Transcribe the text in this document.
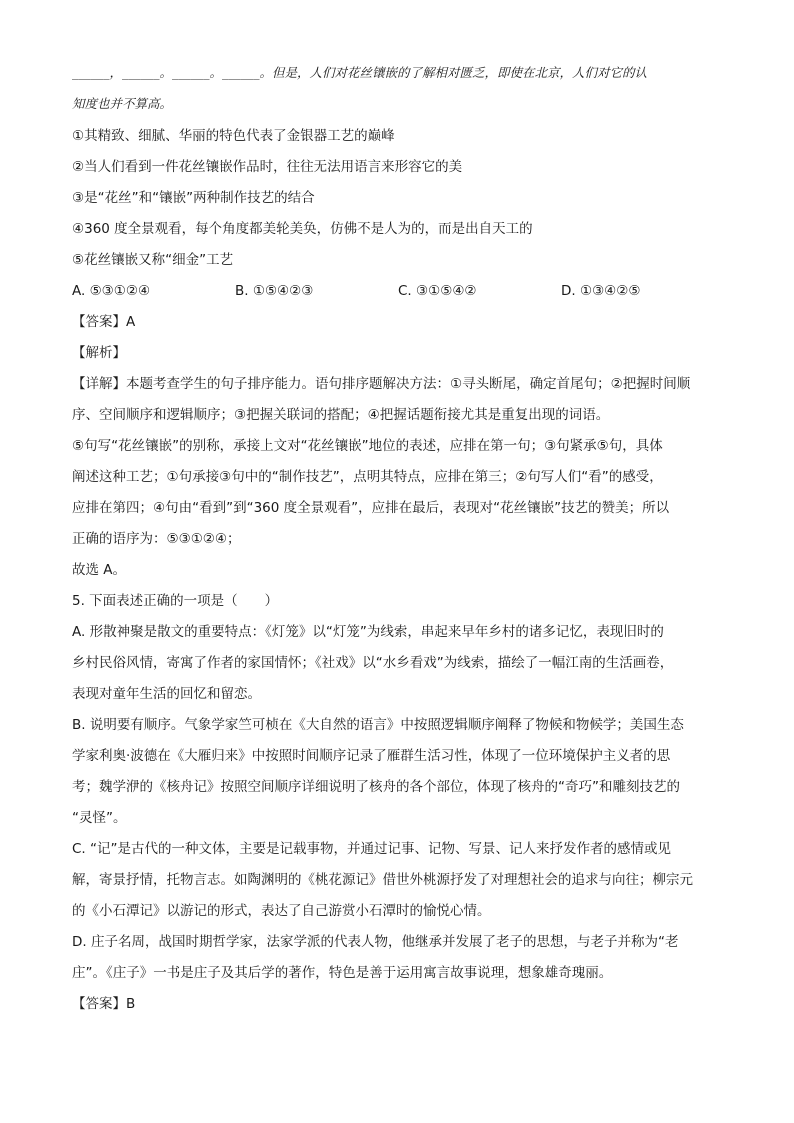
______，______。______。______。但是，人们对花丝镶嵌的了解相对匮乏，即使在北京，人们对它的认

知度也并不算高。

①其精致、细腻、华丽的特色代表了金银器工艺的巅峰

②当人们看到一件花丝镶嵌作品时，往往无法用语言来形容它的美

③是“花丝”和“镶嵌”两种制作技艺的结合

④360 度全景观看，每个角度都美轮美奂，仿佛不是人为的，而是出自天工的

⑤花丝镶嵌又称“细金”工艺

A. ⑤③①②④	B. ①⑤④②③	C. ③①⑤④②	D. ①③④②⑤

【答案】A

【解析】

【详解】本题考查学生的句子排序能力。语句排序题解决方法：①寻头断尾，确定首尾句；②把握时间顺

序、空间顺序和逻辑顺序；③把握关联词的搭配；④把握话题衔接尤其是重复出现的词语。

⑤句写“花丝镶嵌”的别称，承接上文对“花丝镶嵌”地位的表述，应排在第一句；③句紧承⑤句，具体

阐述这种工艺；①句承接③句中的“制作技艺”，点明其特点，应排在第三；②句写人们“看”的感受，

应排在第四；④句由“看到”到“360 度全景观看”，应排在最后，表现对“花丝镶嵌”技艺的赞美；所以

正确的语序为：⑤③①②④；

故选 A。

5. 下面表述正确的一项是（　　）

A. 形散神聚是散文的重要特点：《灯笼》以“灯笼”为线索，串起来早年乡村的诸多记忆，表现旧时的

乡村民俗风情，寄寓了作者的家国情怀；《社戏》以“水乡看戏”为线索，描绘了一幅江南的生活画卷，

表现对童年生活的回忆和留恋。

B. 说明要有顺序。气象学家竺可桢在《大自然的语言》中按照逻辑顺序阐释了物候和物候学；美国生态

学家利奥·波德在《大雁归来》中按照时间顺序记录了雁群生活习性，体现了一位环境保护主义者的思

考；魏学洢的《核舟记》按照空间顺序详细说明了核舟的各个部位，体现了核舟的“奇巧”和雕刻技艺的

“灵怪”。

C. “记”是古代的一种文体，主要是记载事物，并通过记事、记物、写景、记人来抒发作者的感情或见

解，寄景抒情，托物言志。如陶渊明的《桃花源记》借世外桃源抒发了对理想社会的追求与向往；柳宗元

的《小石潭记》以游记的形式，表达了自己游赏小石潭时的愉悦心情。

D. 庄子名周，战国时期哲学家，法家学派的代表人物，他继承并发展了老子的思想，与老子并称为“老

庄”。《庄子》一书是庄子及其后学的著作，特色是善于运用寓言故事说理，想象雄奇瑰丽。

【答案】B
